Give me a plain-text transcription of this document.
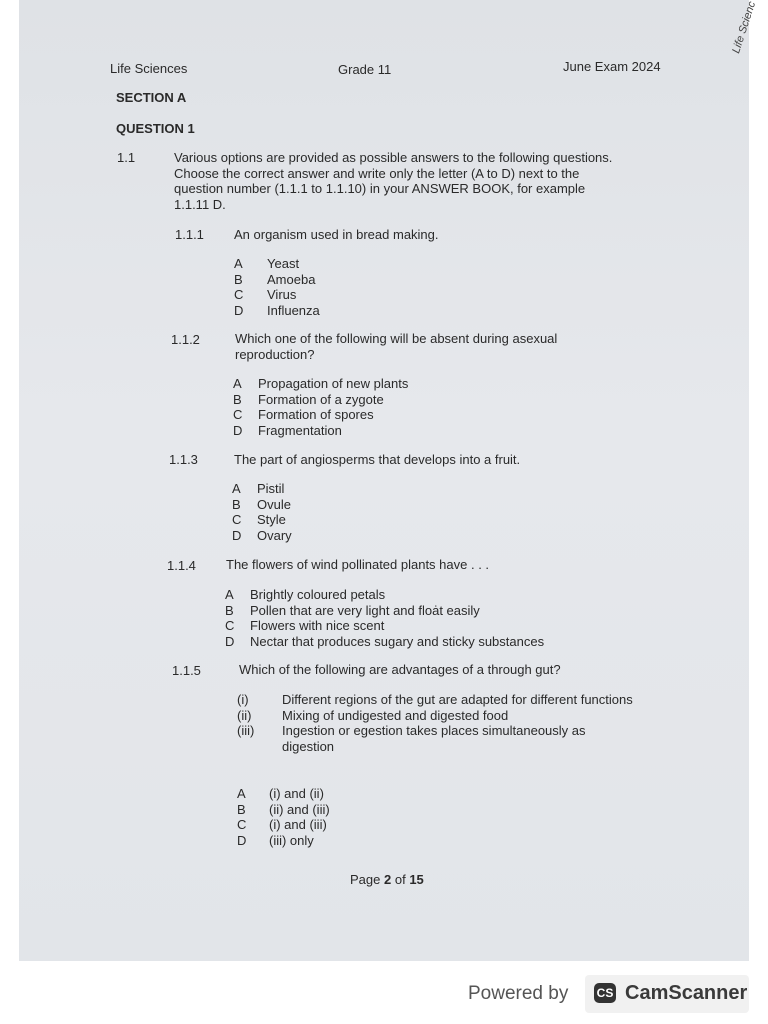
Life Scienc
Life Sciences	Grade 11	June Exam 2024
SECTION A
QUESTION 1
1.1	Various options are provided as possible answers to the following questions.
Choose the correct answer and write only the letter (A to D) next to the
question number (1.1.1 to 1.1.10) in your ANSWER BOOK, for example
1.1.11 D.
1.1.1 An organism used in bread making.
A Yeast
B Amoeba
C Virus
D Influenza
1.1.2	Which one of the following will be absent during asexual
reproduction?
A Propagation of new plants
B Formation of a zygote
C Formation of spores
D Fragmentation
1.1.3	The part of angiosperms that develops into a fruit.
A Pistil
B Ovule
C Style
D Ovary
1.1.4 The flowers of wind pollinated plants have . . .
A Brightly coloured petals
B Pollen that are very light and floȧt easily
C Flowers with nice scent
D Nectar that produces sugary and sticky substances
1.1.5	Which of the following are advantages of a through gut?
(i)	Different regions of the gut are adapted for different functions
(ii) Mixing of undigested and digested food
(iii) Ingestion or egestion takes places simultaneously as
digestion
A (i) and (ii)
B (ii) and (iii)
C (i) and (iii)
D (iii) only
Page 2 of 15
Powered by CS CamScanner
